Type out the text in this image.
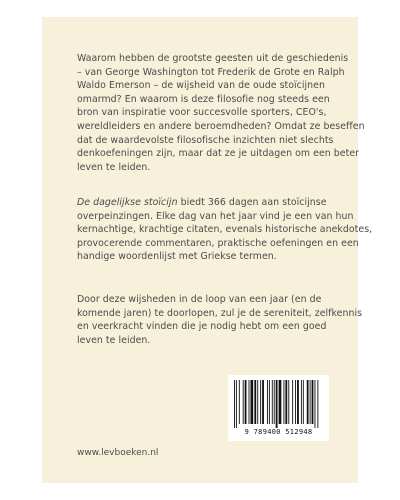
Waarom hebben de grootste geesten uit de geschiedenis
– van George Washington tot Frederik de Grote en Ralph
Waldo Emerson – de wijsheid van de oude stoïcijnen
omarmd? En waarom is deze filosofie nog steeds een
bron van inspiratie voor succesvolle sporters, CEO's,
wereldleiders en andere beroemdheden? Omdat ze beseffen
dat de waardevolste filosofische inzichten niet slechts
denkoefeningen zijn, maar dat ze je uitdagen om een beter
leven te leiden.
De dagelijkse stoïcijn biedt 366 dagen aan stoïcijnse
overpeinzingen. Elke dag van het jaar vind je een van hun
kernachtige, krachtige citaten, evenals historische anekdotes,
provocerende commentaren, praktische oefeningen en een
handige woordenlijst met Griekse termen.
Door deze wijsheden in de loop van een jaar (en de
komende jaren) te doorlopen, zul je de sereniteit, zelfkennis
en veerkracht vinden die je nodig hebt om een goed
leven te leiden.
9 789400 512948
www.levboeken.nl
